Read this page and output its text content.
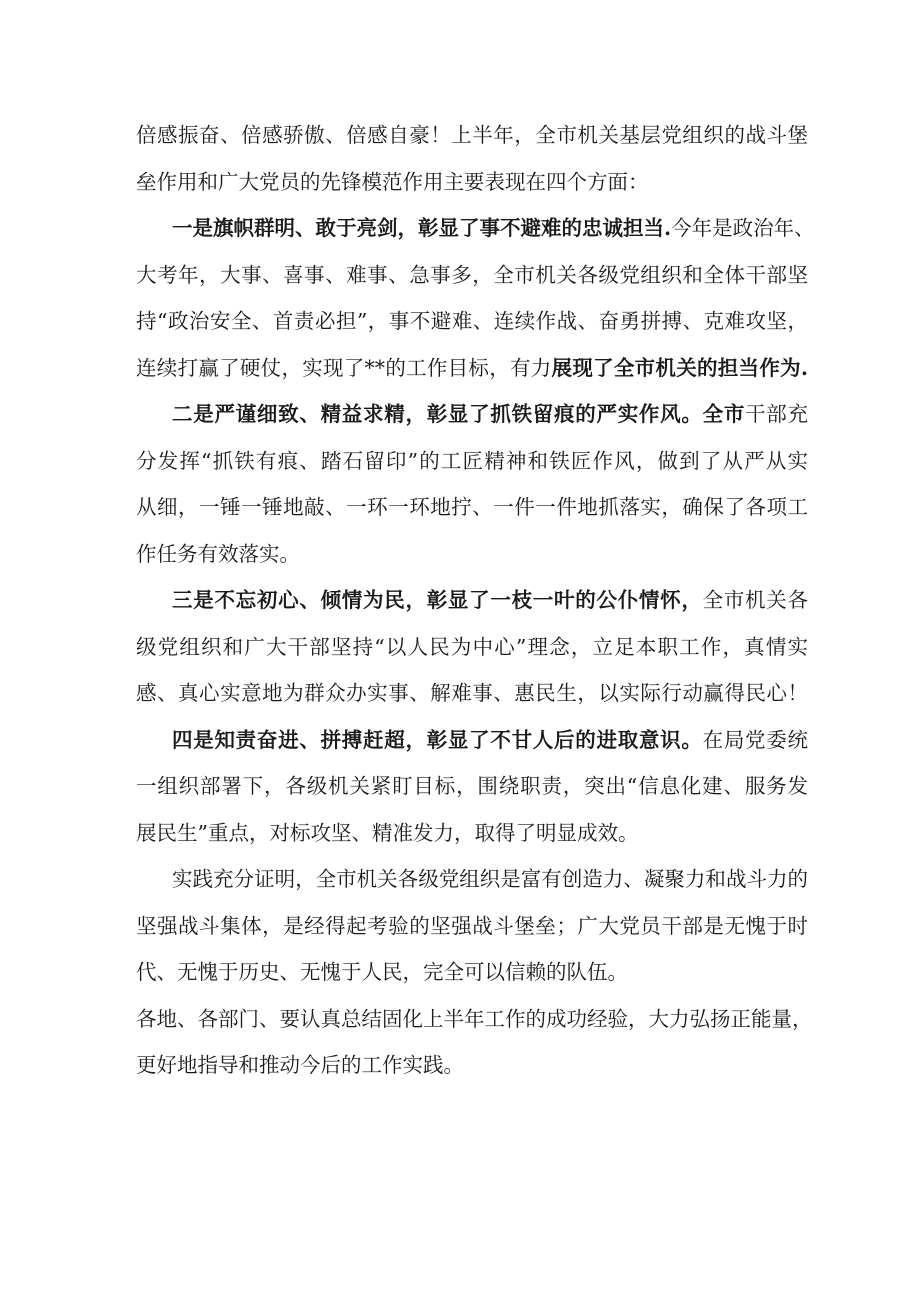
倍感振奋、倍感骄傲、倍感自豪！上半年，全市机关基层党组织的战斗堡
垒作用和广大党员的先锋模范作用主要表现在四个方面：
一是旗帜群明、敢于亮剑，彰显了事不避难的忠诚担当.今年是政治年、
大考年，大事、喜事、难事、急事多，全市机关各级党组织和全体干部坚
持“政治安全、首责必担”，事不避难、连续作战、奋勇拼搏、克难攻坚，
连续打赢了硬仗，实现了**的工作目标，有力展现了全市机关的担当作为.
二是严谨细致、精益求精，彰显了抓铁留痕的严实作风。全市干部充
分发挥“抓铁有痕、踏石留印”的工匠精神和铁匠作风，做到了从严从实
从细，一锤一锤地敲、一环一环地拧、一件一件地抓落实，确保了各项工
作任务有效落实。
三是不忘初心、倾情为民，彰显了一枝一叶的公仆情怀，全市机关各
级党组织和广大干部坚持“以人民为中心”理念，立足本职工作，真情实
感、真心实意地为群众办实事、解难事、惠民生，以实际行动赢得民心！
四是知责奋进、拼搏赶超，彰显了不甘人后的进取意识。在局党委统
一组织部署下，各级机关紧盯目标，围绕职责，突出“信息化建、服务发
展民生”重点，对标攻坚、精准发力，取得了明显成效。
实践充分证明，全市机关各级党组织是富有创造力、凝聚力和战斗力的
坚强战斗集体，是经得起考验的坚强战斗堡垒；广大党员干部是无愧于时
代、无愧于历史、无愧于人民，完全可以信赖的队伍。
各地、各部门、要认真总结固化上半年工作的成功经验，大力弘扬正能量，
更好地指导和推动今后的工作实践。
